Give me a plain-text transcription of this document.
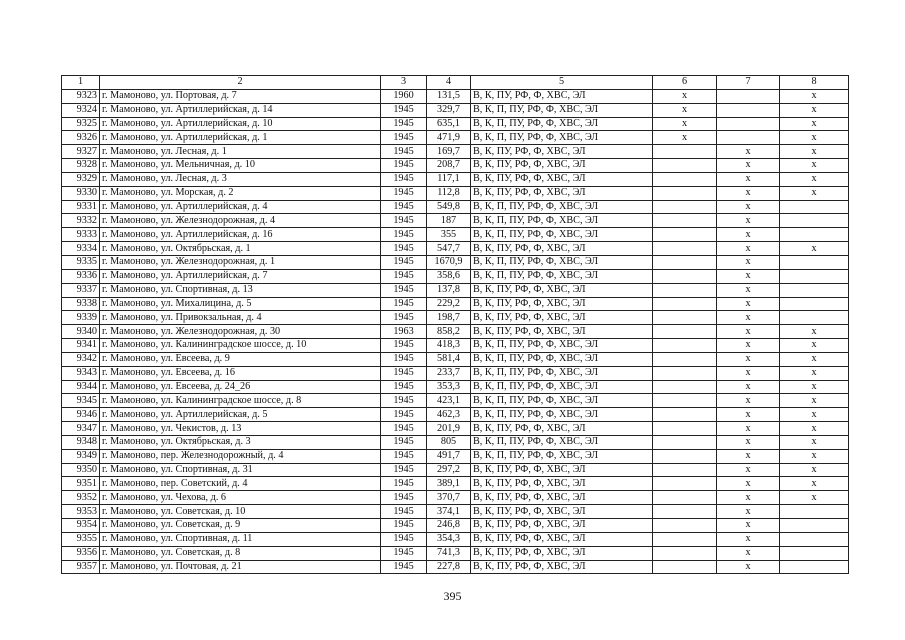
1	2	3	4	5	6	7	8
9323	г. Мамоново, ул. Портовая, д. 7	1960	131,5	В, К, ПУ, РФ, Ф, ХВС, ЭЛ	x		x
9324	г. Мамоново, ул. Артиллерийская, д. 14	1945	329,7	В, К, П, ПУ, РФ, Ф, ХВС, ЭЛ	x		x
9325	г. Мамоново, ул. Артиллерийская, д. 10	1945	635,1	В, К, П, ПУ, РФ, Ф, ХВС, ЭЛ	x		x
9326	г. Мамоново, ул. Артиллерийская, д. 1	1945	471,9	В, К, П, ПУ, РФ, Ф, ХВС, ЭЛ	x		x
9327	г. Мамоново, ул. Лесная, д. 1	1945	169,7	В, К, ПУ, РФ, Ф, ХВС, ЭЛ		x	x
9328	г. Мамоново, ул. Мельничная, д. 10	1945	208,7	В, К, ПУ, РФ, Ф, ХВС, ЭЛ		x	x
9329	г. Мамоново, ул. Лесная, д. 3	1945	117,1	В, К, ПУ, РФ, Ф, ХВС, ЭЛ		x	x
9330	г. Мамоново, ул. Морская, д. 2	1945	112,8	В, К, ПУ, РФ, Ф, ХВС, ЭЛ		x	x
9331	г. Мамоново, ул. Артиллерийская, д. 4	1945	549,8	В, К, П, ПУ, РФ, Ф, ХВС, ЭЛ		x	
9332	г. Мамоново, ул. Железнодорожная, д. 4	1945	187	В, К, П, ПУ, РФ, Ф, ХВС, ЭЛ		x	
9333	г. Мамоново, ул. Артиллерийская, д. 16	1945	355	В, К, П, ПУ, РФ, Ф, ХВС, ЭЛ		x	
9334	г. Мамоново, ул. Октябрьская, д. 1	1945	547,7	В, К, ПУ, РФ, Ф, ХВС, ЭЛ		x	x
9335	г. Мамоново, ул. Железнодорожная, д. 1	1945	1670,9	В, К, П, ПУ, РФ, Ф, ХВС, ЭЛ		x	
9336	г. Мамоново, ул. Артиллерийская, д. 7	1945	358,6	В, К, П, ПУ, РФ, Ф, ХВС, ЭЛ		x	
9337	г. Мамоново, ул. Спортивная, д. 13	1945	137,8	В, К, ПУ, РФ, Ф, ХВС, ЭЛ		x	
9338	г. Мамоново, ул. Михалицина, д. 5	1945	229,2	В, К, ПУ, РФ, Ф, ХВС, ЭЛ		x	
9339	г. Мамоново, ул. Привокзальная, д. 4	1945	198,7	В, К, ПУ, РФ, Ф, ХВС, ЭЛ		x	
9340	г. Мамоново, ул. Железнодорожная, д. 30	1963	858,2	В, К, ПУ, РФ, Ф, ХВС, ЭЛ		x	x
9341	г. Мамоново, ул. Калининградское шоссе, д. 10	1945	418,3	В, К, П, ПУ, РФ, Ф, ХВС, ЭЛ		x	x
9342	г. Мамоново, ул. Евсеева, д. 9	1945	581,4	В, К, П, ПУ, РФ, Ф, ХВС, ЭЛ		x	x
9343	г. Мамоново, ул. Евсеева, д. 16	1945	233,7	В, К, П, ПУ, РФ, Ф, ХВС, ЭЛ		x	x
9344	г. Мамоново, ул. Евсеева, д. 24_26	1945	353,3	В, К, П, ПУ, РФ, Ф, ХВС, ЭЛ		x	x
9345	г. Мамоново, ул. Калининградское шоссе, д. 8	1945	423,1	В, К, П, ПУ, РФ, Ф, ХВС, ЭЛ		x	x
9346	г. Мамоново, ул. Артиллерийская, д. 5	1945	462,3	В, К, П, ПУ, РФ, Ф, ХВС, ЭЛ		x	x
9347	г. Мамоново, ул. Чекистов, д. 13	1945	201,9	В, К, ПУ, РФ, Ф, ХВС, ЭЛ		x	x
9348	г. Мамоново, ул. Октябрьская, д. 3	1945	805	В, К, П, ПУ, РФ, Ф, ХВС, ЭЛ		x	x
9349	г. Мамоново, пер. Железнодорожный, д. 4	1945	491,7	В, К, П, ПУ, РФ, Ф, ХВС, ЭЛ		x	x
9350	г. Мамоново, ул. Спортивная, д. 31	1945	297,2	В, К, ПУ, РФ, Ф, ХВС, ЭЛ		x	x
9351	г. Мамоново, пер. Советский, д. 4	1945	389,1	В, К, ПУ, РФ, Ф, ХВС, ЭЛ		x	x
9352	г. Мамоново, ул. Чехова, д. 6	1945	370,7	В, К, ПУ, РФ, Ф, ХВС, ЭЛ		x	x
9353	г. Мамоново, ул. Советская, д. 10	1945	374,1	В, К, ПУ, РФ, Ф, ХВС, ЭЛ		x	
9354	г. Мамоново, ул. Советская, д. 9	1945	246,8	В, К, ПУ, РФ, Ф, ХВС, ЭЛ		x	
9355	г. Мамоново, ул. Спортивная, д. 11	1945	354,3	В, К, ПУ, РФ, Ф, ХВС, ЭЛ		x	
9356	г. Мамоново, ул. Советская, д. 8	1945	741,3	В, К, ПУ, РФ, Ф, ХВС, ЭЛ		x	
9357	г. Мамоново, ул. Почтовая, д. 21	1945	227,8	В, К, ПУ, РФ, Ф, ХВС, ЭЛ		x	
395
